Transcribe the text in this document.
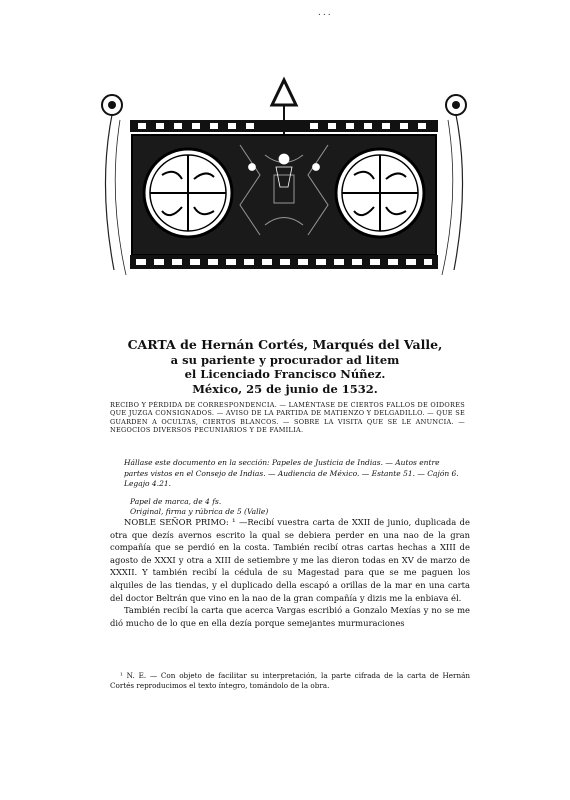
...

CARTA de Hernán Cortés, Marqués del Valle,

a su pariente y procurador ad litem

el Licenciado Francisco Núñez.

México, 25 de junio de 1532.

RECIBO Y PÉRDIDA DE CORRESPONDENCIA. — LAMÉNTASE DE CIERTOS FALLOS DE OIDORES QUE JUZGA CONSIGNADOS. — AVISO DE LA PARTIDA DE MATIENZO Y DELGADILLO. — QUE SE GUARDEN A OCULTAS, CIERTOS BLANCOS. — SOBRE LA VISITA QUE SE LE ANUNCIA. — NEGOCIOS DIVERSOS PECUNIARIOS Y DE FAMILIA.

Hállase este documento en la sección: Papeles de Justicia de Indias. — Autos entre

partes vistos en el Consejo de Indias. — Audiencia de México. — Estante 51. — Cajón 6.

Legajo 4.21.

Papel de marca, de 4 fs.

Original, firma y rúbrica de 5 (Valle)

NOBLE SEÑOR PRIMO: ¹ —Recibí vuestra carta de XXII de junio, duplicada de otra que dezís avernos escrito la qual se debiera perder en una nao de la gran compañía que se perdió en la costa. También recibí otras cartas hechas a XIII de agosto de XXXI y otra a XIII de setiembre y me las dieron todas en XV de marzo de XXXII. Y también recibí la cédula de su Magestad para que se me paguen los alquiles de las tiendas, y el duplicado della escapó a orillas de la mar en una carta del doctor Beltrán que vino en la nao de la gran compañía y dizis me la enbiava él.

También recibí la carta que acerca Vargas escribió a Gonzalo Mexías y no se me dió mucho de lo que en ella dezía porque semejantes murmuraciones

¹ N. E. — Con objeto de facilitar su interpretación, la parte cifrada de la carta de Hernán Cortés reproducimos el texto íntegro, tomándolo de la obra.
